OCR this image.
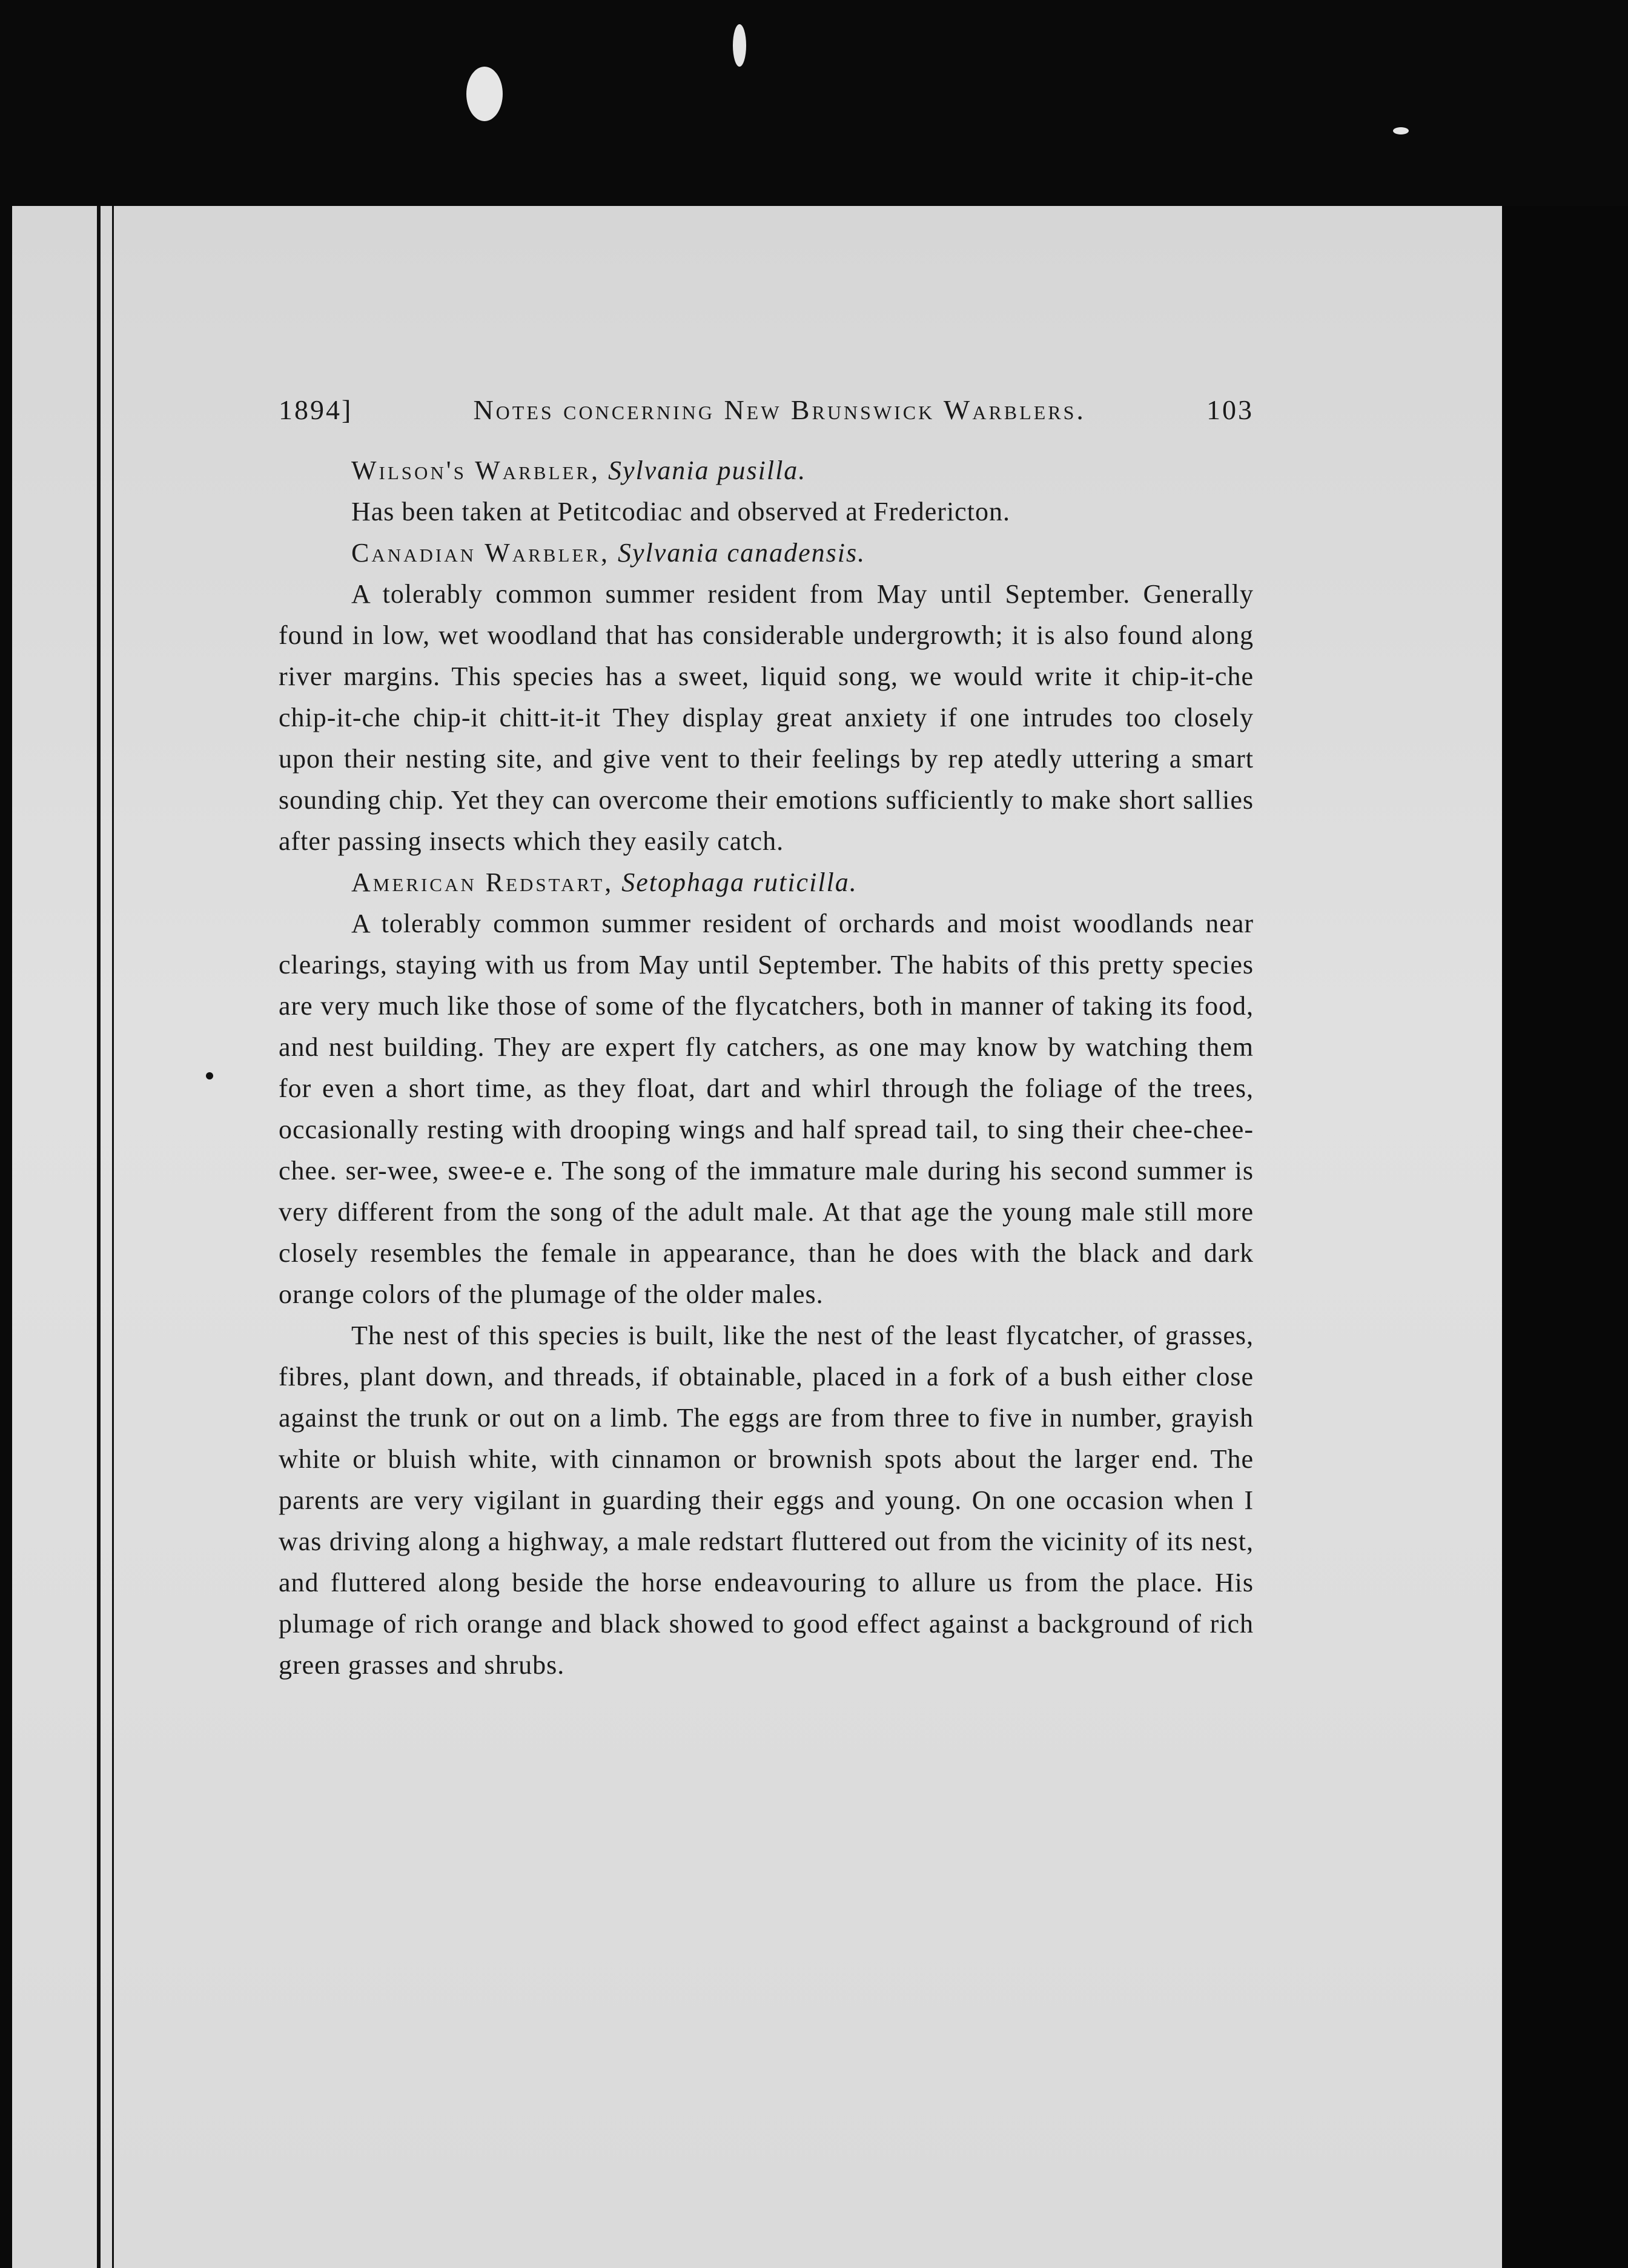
1894]	Notes concerning New Brunswick Warblers.	103
Wilson's Warbler, Sylvania pusilla.

Has been taken at Petitcodiac and observed at Fredericton.

Canadian Warbler, Sylvania canadensis.

A tolerably common summer resident from May until September. Generally found in low, wet woodland that has considerable undergrowth; it is also found along river margins. This species has a sweet, liquid song, we would write it chip-it-che chip-it-che chip-it chitt-it-it They display great anxiety if one intrudes too closely upon their nesting site, and give vent to their feelings by rep atedly uttering a smart sounding chip. Yet they can overcome their emotions sufficiently to make short sallies after passing insects which they easily catch.

American Redstart, Setophaga ruticilla.

A tolerably common summer resident of orchards and moist woodlands near clearings, staying with us from May until September. The habits of this pretty species are very much like those of some of the flycatchers, both in manner of taking its food, and nest building. They are expert fly catchers, as one may know by watching them for even a short time, as they float, dart and whirl through the foliage of the trees, occasionally resting with drooping wings and half spread tail, to sing their chee-chee-chee. ser-wee, swee-e e. The song of the immature male during his second summer is very different from the song of the adult male. At that age the young male still more closely resembles the female in appearance, than he does with the black and dark orange colors of the plumage of the older males.

The nest of this species is built, like the nest of the least flycatcher, of grasses, fibres, plant down, and threads, if obtainable, placed in a fork of a bush either close against the trunk or out on a limb. The eggs are from three to five in number, grayish white or bluish white, with cinnamon or brownish spots about the larger end. The parents are very vigilant in guarding their eggs and young. On one occasion when I was driving along a highway, a male redstart fluttered out from the vicinity of its nest, and fluttered along beside the horse endeavouring to allure us from the place. His plumage of rich orange and black showed to good effect against a background of rich green grasses and shrubs.
